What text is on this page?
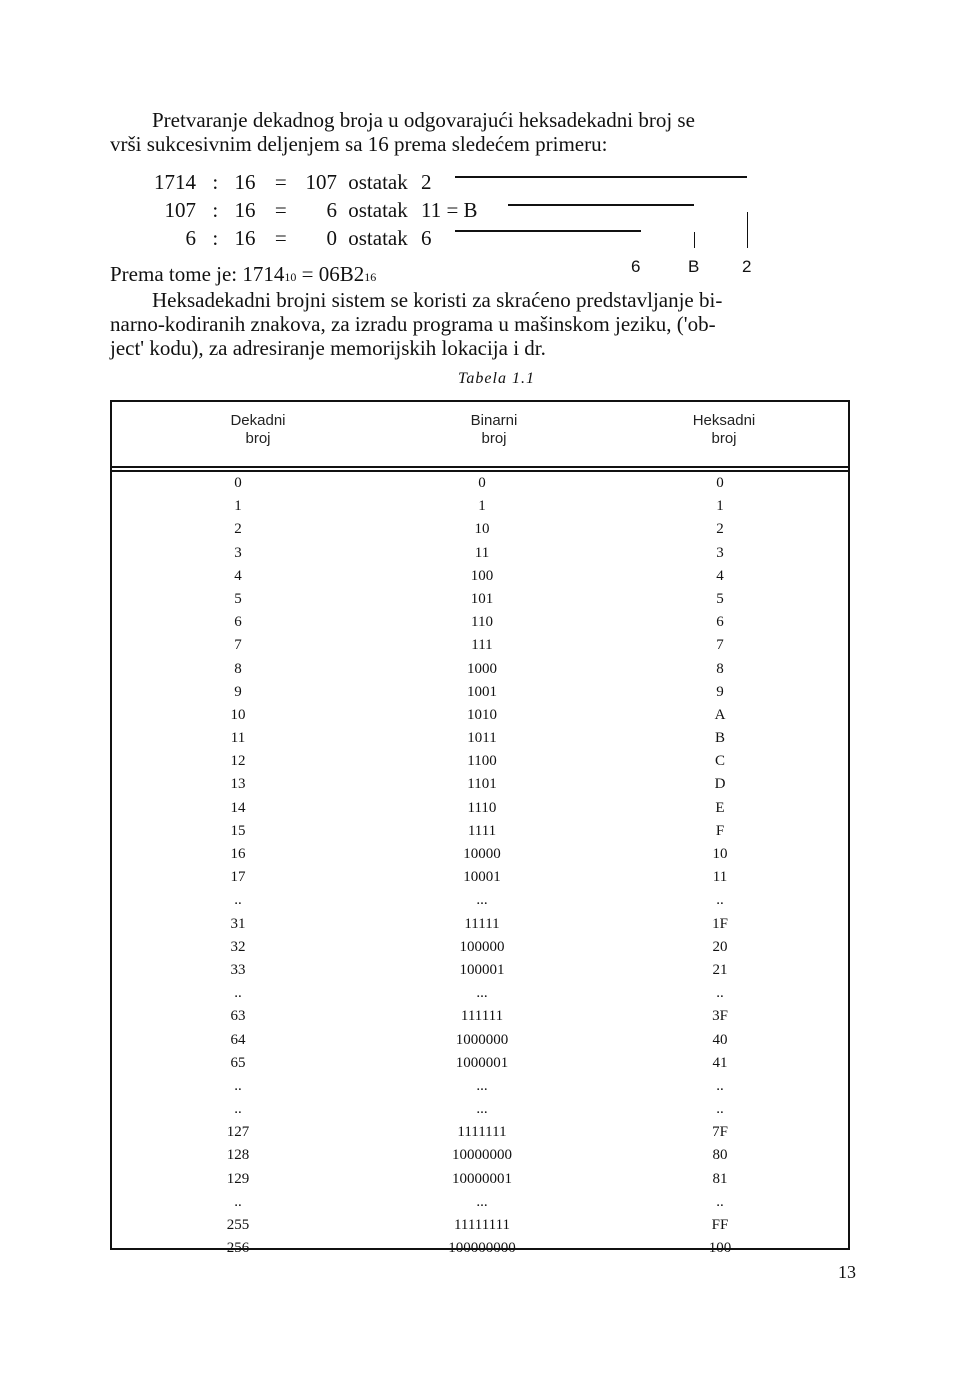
Pretvaranje dekadnog broja u odgovarajući heksadekadni broj se
vrši sukcesivnim deljenjem sa 16 prema sledećem primeru:
1714 : 16 = 107 ostatak 2
107 : 16 = 6 ostatak 11 = B
6 : 16 = 0 ostatak 6
6	B	2
Prema tome je: 171410 = 06B216
Heksadekadni brojni sistem se koristi za skraćeno predstavljanje bi-
narno-kodiranih znakova, za izradu programa u mašinskom jeziku, ('ob-
ject' kodu), za adresiranje memorijskih lokacija i dr.
Tabela 1.1
Dekadni
broj
Binarni
broj
Heksadni
broj
0	0	0
1	1	1
2	10	2
3	11	3
4	100	4
5	101	5
6	110	6
7	111	7
8	1000	8
9	1001	9
10	1010	A
11	1011	B
12	1100	C
13	1101	D
14	1110	E
15	1111	F
16	10000	10
17	10001	11
..	...	..
31	11111	1F
32	100000	20
33	100001	21
..	...	..
63	111111	3F
64	1000000	40
65	1000001	41
..	...	..
..	...	..
127	1111111	7F
128	10000000	80
129	10000001	81
..	...	..
255	11111111	FF
256	100000000	100
13
